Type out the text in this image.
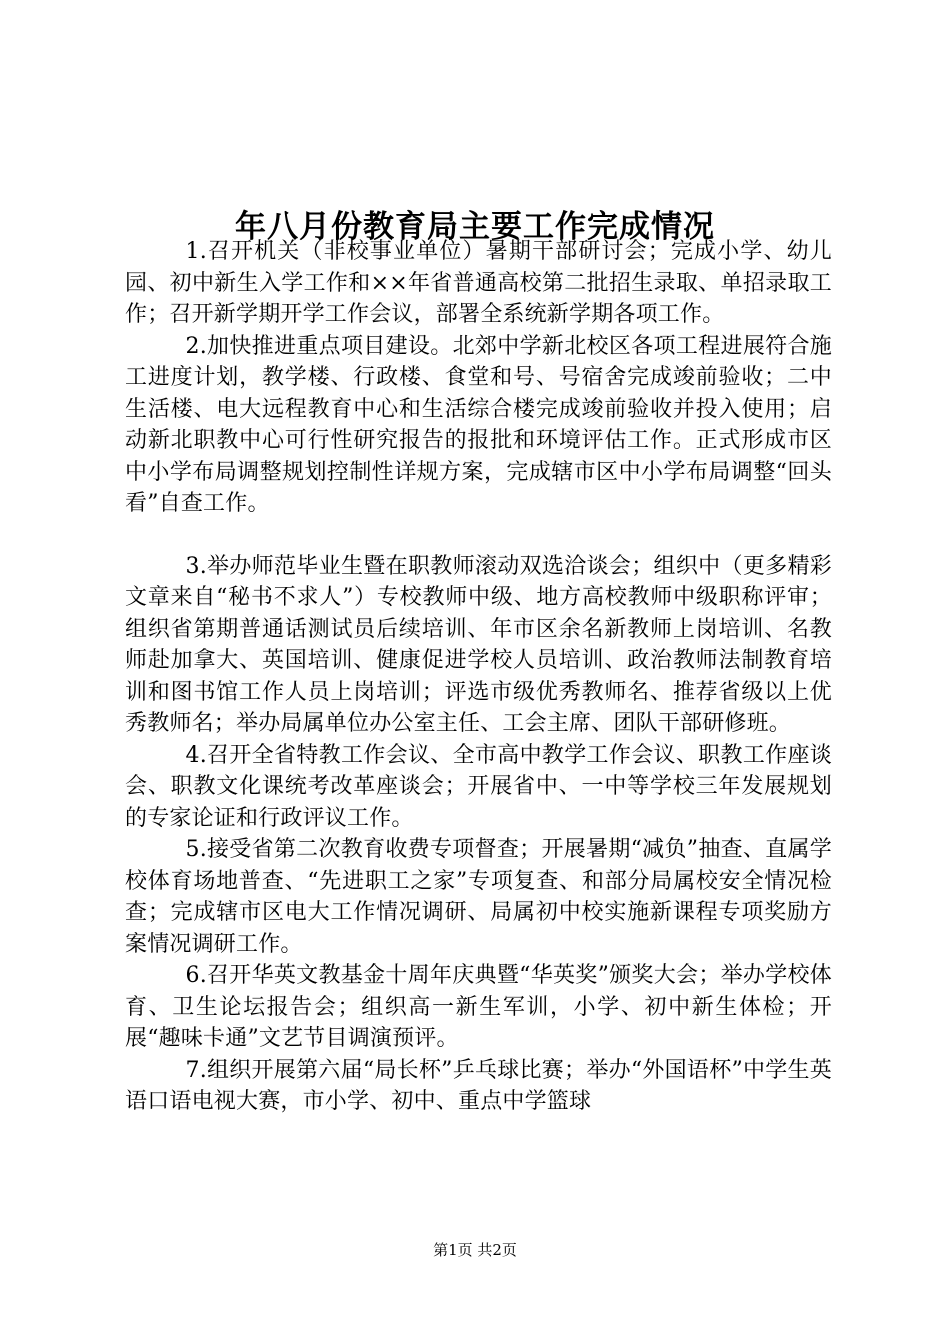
年八月份教育局主要工作完成情况

1.召开机关（非校事业单位）暑期干部研讨会；完成小学、幼儿园、初中新生入学工作和××年省普通高校第二批招生录取、单招录取工作；召开新学期开学工作会议，部署全系统新学期各项工作。

2.加快推进重点项目建设。北郊中学新北校区各项工程进展符合施工进度计划，教学楼、行政楼、食堂和号、号宿舍完成竣前验收；二中生活楼、电大远程教育中心和生活综合楼完成竣前验收并投入使用；启动新北职教中心可行性研究报告的报批和环境评估工作。正式形成市区中小学布局调整规划控制性详规方案，完成辖市区中小学布局调整“回头看”自查工作。

3.举办师范毕业生暨在职教师滚动双选洽谈会；组织中（更多精彩文章来自“秘书不求人”）专校教师中级、地方高校教师中级职称评审；组织省第期普通话测试员后续培训、年市区余名新教师上岗培训、名教师赴加拿大、英国培训、健康促进学校人员培训、政治教师法制教育培训和图书馆工作人员上岗培训；评选市级优秀教师名、推荐省级以上优秀教师名；举办局属单位办公室主任、工会主席、团队干部研修班。

4.召开全省特教工作会议、全市高中教学工作会议、职教工作座谈会、职教文化课统考改革座谈会；开展省中、一中等学校三年发展规划的专家论证和行政评议工作。

5.接受省第二次教育收费专项督查；开展暑期“减负”抽查、直属学校体育场地普查、“先进职工之家”专项复查、和部分局属校安全情况检查；完成辖市区电大工作情况调研、局属初中校实施新课程专项奖励方案情况调研工作。

6.召开华英文教基金十周年庆典暨“华英奖”颁奖大会；举办学校体育、卫生论坛报告会；组织高一新生军训，小学、初中新生体检；开展“趣味卡通”文艺节目调演预评。

7.组织开展第六届“局长杯”乒乓球比赛；举办“外国语杯”中学生英语口语电视大赛，市小学、初中、重点中学篮球

第1页 共2页
